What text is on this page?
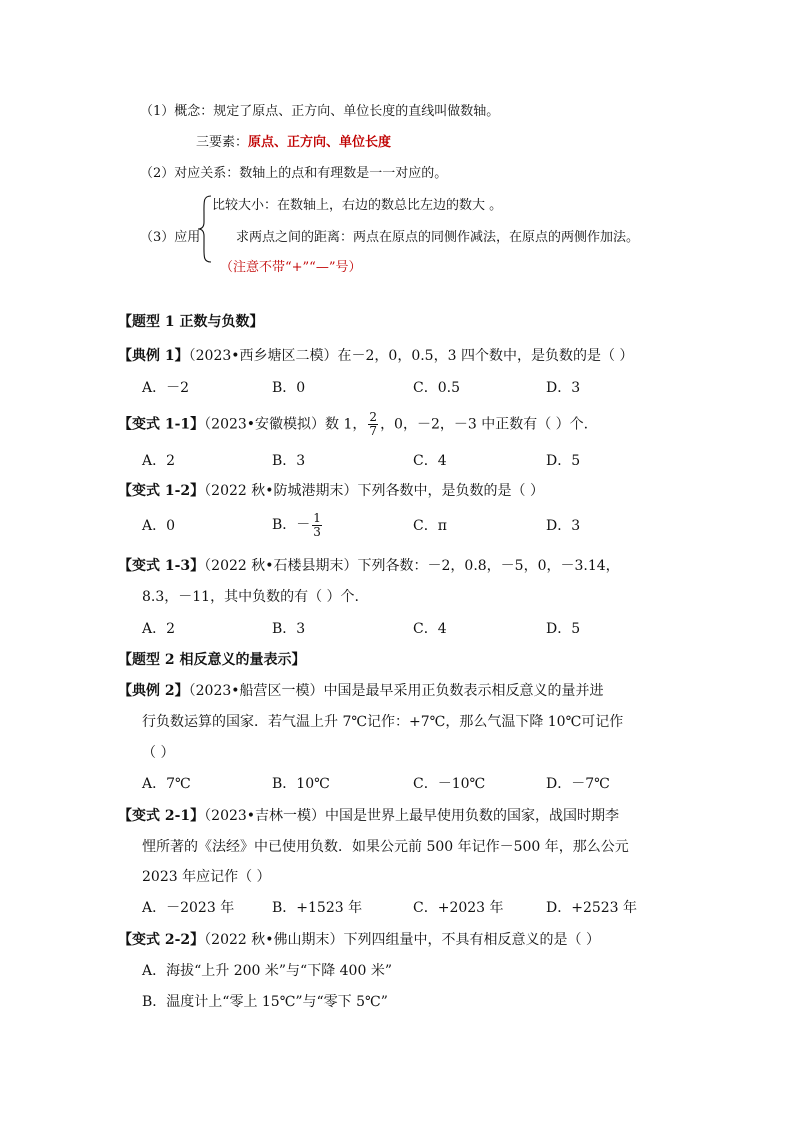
（1）概念：规定了原点、正方向、单位长度的直线叫做数轴。
三要素：原点、正方向、单位长度
（2）对应关系：数轴上的点和有理数是一一对应的。
（3）应用
比较大小：在数轴上，右边的数总比左边的数大 。
求两点之间的距离：两点在原点的同侧作减法，在原点的两侧作加法。
（注意不带“+”“—”号）
【题型 1 正数与负数】
【典例 1】（2023•西乡塘区二模）在－2，0，0.5，3 四个数中，是负数的是（ ）
A．－2	B．0	C．0.5	D．3
【变式 1-1】（2023•安徽模拟）数 1， $\frac{2}{7}$ ，0，－2，－3 中正数有（ ）个.
A．2	B．3	C．4	D．5
【变式 1-2】（2022 秋•防城港期末）下列各数中，是负数的是（ ）
A．0	B．－ $\frac{1}{3}$	C．π	D．3
【变式 1-3】（2022 秋•石楼县期末）下列各数：－2，0.8，－5，0，－3.14，
8.3，－11，其中负数的有（ ）个.
A．2	B．3	C．4	D．5
【题型 2 相反意义的量表示】
【典例 2】（2023•船营区一模）中国是最早采用正负数表示相反意义的量并进
行负数运算的国家．若气温上升 7℃记作：+7℃，那么气温下降 10℃可记作
（ ）
A．7℃	B．10℃	C．－10℃	D．－7℃
【变式 2-1】（2023•吉林一模）中国是世界上最早使用负数的国家，战国时期李
悝所著的《法经》中已使用负数．如果公元前 500 年记作－500 年，那么公元
2023 年应记作（ ）
A．－2023 年	B．+1523 年	C．+2023 年	D．+2523 年
【变式 2-2】（2022 秋•佛山期末）下列四组量中，不具有相反意义的是（ ）
A．海拔“上升 200 米”与“下降 400 米”
B．温度计上“零上 15℃”与“零下 5℃”
